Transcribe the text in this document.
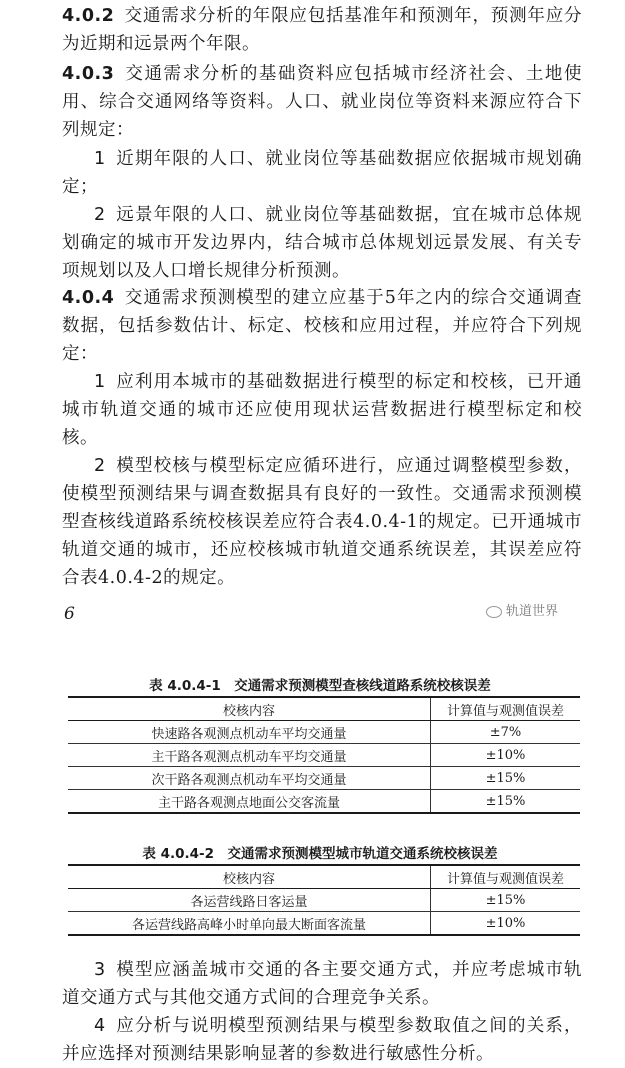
4.0.2 交通需求分析的年限应包括基准年和预测年，预测年应分为近期和远景两个年限。

4.0.3 交通需求分析的基础资料应包括城市经济社会、土地使用、综合交通网络等资料。人口、就业岗位等资料来源应符合下列规定：

1 近期年限的人口、就业岗位等基础数据应依据城市规划确定；

2 远景年限的人口、就业岗位等基础数据，宜在城市总体规划确定的城市开发边界内，结合城市总体规划远景发展、有关专项规划以及人口增长规律分析预测。

4.0.4 交通需求预测模型的建立应基于5年之内的综合交通调查数据，包括参数估计、标定、校核和应用过程，并应符合下列规定：

1 应利用本城市的基础数据进行模型的标定和校核，已开通城市轨道交通的城市还应使用现状运营数据进行模型标定和校核。

2 模型校核与模型标定应循环进行，应通过调整模型参数，使模型预测结果与调查数据具有良好的一致性。交通需求预测模型查核线道路系统校核误差应符合表4.0.4-1的规定。已开通城市轨道交通的城市，还应校核城市轨道交通系统误差，其误差应符合表4.0.4-2的规定。

6	轨道世界
表 4.0.4-1　交通需求预测模型查核线道路系统校核误差
校核内容	计算值与观测值误差
快速路各观测点机动车平均交通量	±7%
主干路各观测点机动车平均交通量	±10%
次干路各观测点机动车平均交通量	±15%
主干路各观测点地面公交客流量	±15%
表 4.0.4-2　交通需求预测模型城市轨道交通系统校核误差
校核内容	计算值与观测值误差
各运营线路日客运量	±15%
各运营线路高峰小时单向最大断面客流量	±10%

3 模型应涵盖城市交通的各主要交通方式，并应考虑城市轨道交通方式与其他交通方式间的合理竞争关系。

4 应分析与说明模型预测结果与模型参数取值之间的关系，并应选择对预测结果影响显著的参数进行敏感性分析。
